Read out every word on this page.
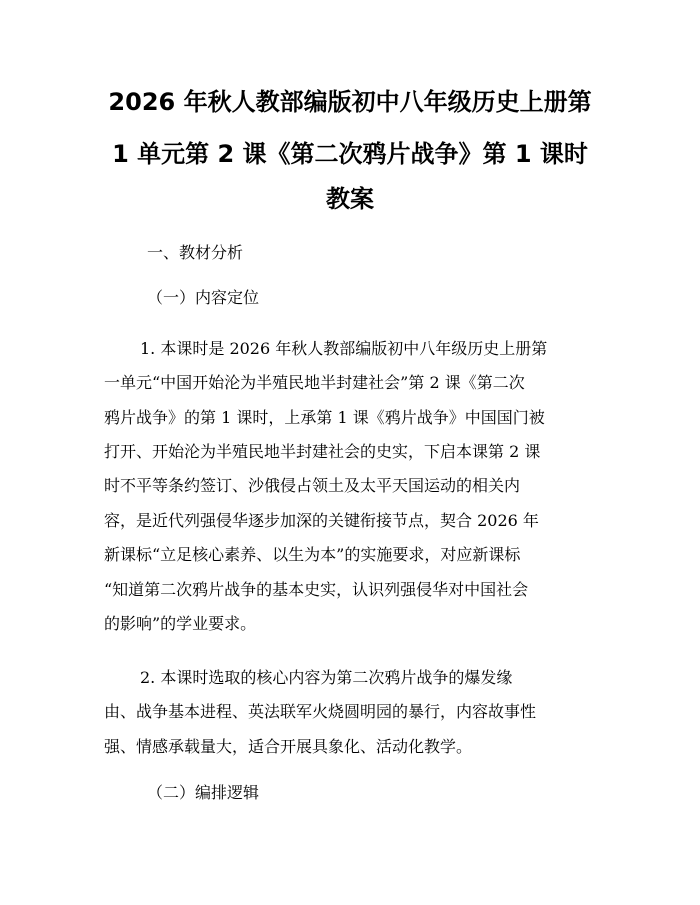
2026 年秋人教部编版初中八年级历史上册第
1 单元第 2 课《第二次鸦片战争》第 1 课时
教案
一、教材分析
（一）内容定位
1. 本课时是 2026 年秋人教部编版初中八年级历史上册第
一单元“中国开始沦为半殖民地半封建社会”第 2 课《第二次
鸦片战争》的第 1 课时，上承第 1 课《鸦片战争》中国国门被
打开、开始沦为半殖民地半封建社会的史实，下启本课第 2 课
时不平等条约签订、沙俄侵占领土及太平天国运动的相关内
容，是近代列强侵华逐步加深的关键衔接节点，契合 2026 年
新课标“立足核心素养、以生为本”的实施要求，对应新课标
“知道第二次鸦片战争的基本史实，认识列强侵华对中国社会
的影响”的学业要求。
2. 本课时选取的核心内容为第二次鸦片战争的爆发缘
由、战争基本进程、英法联军火烧圆明园的暴行，内容故事性
强、情感承载量大，适合开展具象化、活动化教学。
（二）编排逻辑
